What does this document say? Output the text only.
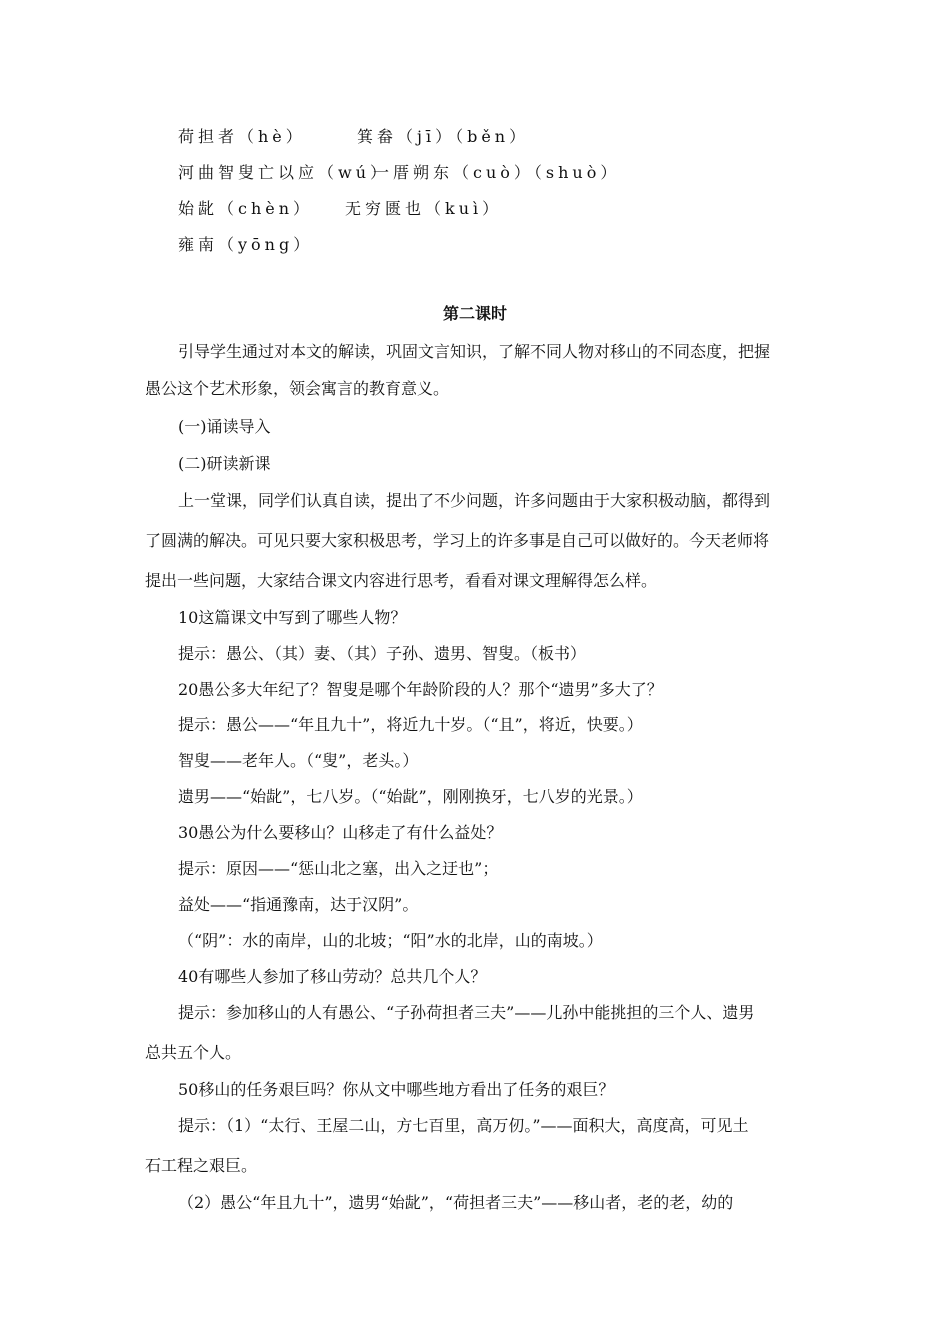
荷担者（hè）	箕畚（jī）（běn）
河曲智叟亡以应（wú）
一厝朔东（cuò）（shuò）
始龀（chèn） 无穷匮也（kuì）
雍南（yōng）
第二课时
引导学生通过对本文的解读，巩固文言知识，了解不同人物对移山的不同态度，把握
愚公这个艺术形象，领会寓言的教育意义。
(一)诵读导入
(二)研读新课
上一堂课，同学们认真自读，提出了不少问题，许多问题由于大家积极动脑，都得到
了圆满的解决。可见只要大家积极思考，学习上的许多事是自己可以做好的。今天老师将
提出一些问题，大家结合课文内容进行思考，看看对课文理解得怎么样。
10这篇课文中写到了哪些人物？
提示：愚公、（其）妻、（其）子孙、遗男、智叟。（板书）
20愚公多大年纪了？智叟是哪个年龄阶段的人？那个“遗男”多大了？
提示：愚公——“年且九十”，将近九十岁。（“且”，将近，快要。）
智叟——老年人。（“叟”，老头。）
遗男——“始龀”，七八岁。（“始龀”，刚刚换牙，七八岁的光景。）
30愚公为什么要移山？山移走了有什么益处？
提示：原因——“惩山北之塞，出入之迂也”；
益处——“指通豫南，达于汉阴”。
（“阴”：水的南岸，山的北坡；“阳”水的北岸，山的南坡。）
40有哪些人参加了移山劳动？总共几个人？
提示：参加移山的人有愚公、“子孙荷担者三夫”——儿孙中能挑担的三个人、遗男
总共五个人。
50移山的任务艰巨吗？你从文中哪些地方看出了任务的艰巨？
提示：（1）“太行、王屋二山，方七百里，高万仞。”——面积大，高度高，可见土
石工程之艰巨。
（2）愚公“年且九十”，遗男“始龀”，“荷担者三夫”——移山者，老的老，幼的
